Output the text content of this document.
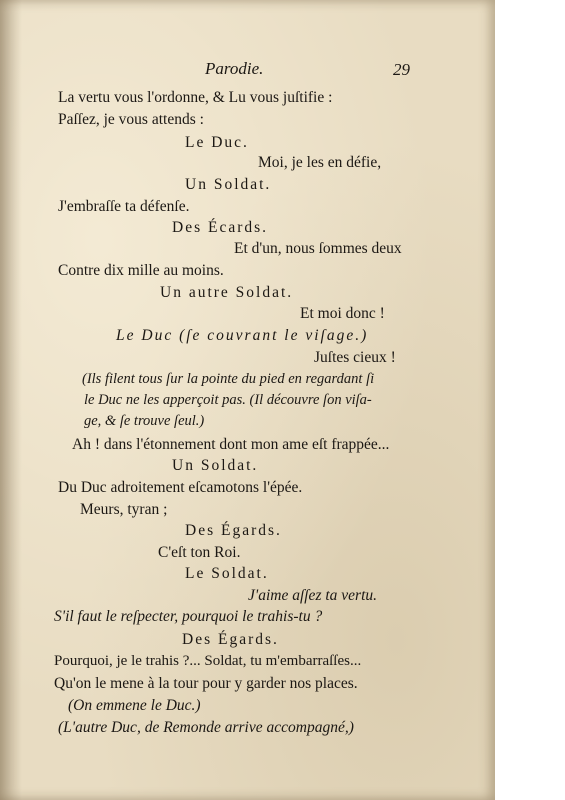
Parodie.	29
La vertu vous l'ordonne, & Lu vous juſtifie :
Paſſez, je vous attends :
Le Duc.
Moi, je les en défie,
Un Soldat.
J'embraſſe ta défenſe.
Des Écards.
Et d'un, nous ſommes deux
Contre dix mille au moins.
Un autre Soldat.
Et moi donc !
Le Duc (ſe couvrant le viſage.)
Juſtes cieux !
(Ils filent tous ſur la pointe du pied en regardant ſi
le Duc ne les apperçoit pas. (Il découvre ſon viſa-
ge, & ſe trouve ſeul.)
Ah ! dans l'étonnement dont mon ame eſt frappée...
Un Soldat.
Du Duc adroitement eſcamotons l'épée.
Meurs, tyran ;
Des Égards.
C'eſt ton Roi.
Le Soldat.
J'aime aſſez ta vertu.
S'il faut le reſpecter, pourquoi le trahis-tu ?
Des Égards.
Pourquoi, je le trahis ?... Soldat, tu m'embarraſſes...
Qu'on le mene à la tour pour y garder nos places.
(On emmene le Duc.)
(L'autre Duc, de Remonde arrive accompagné,)
